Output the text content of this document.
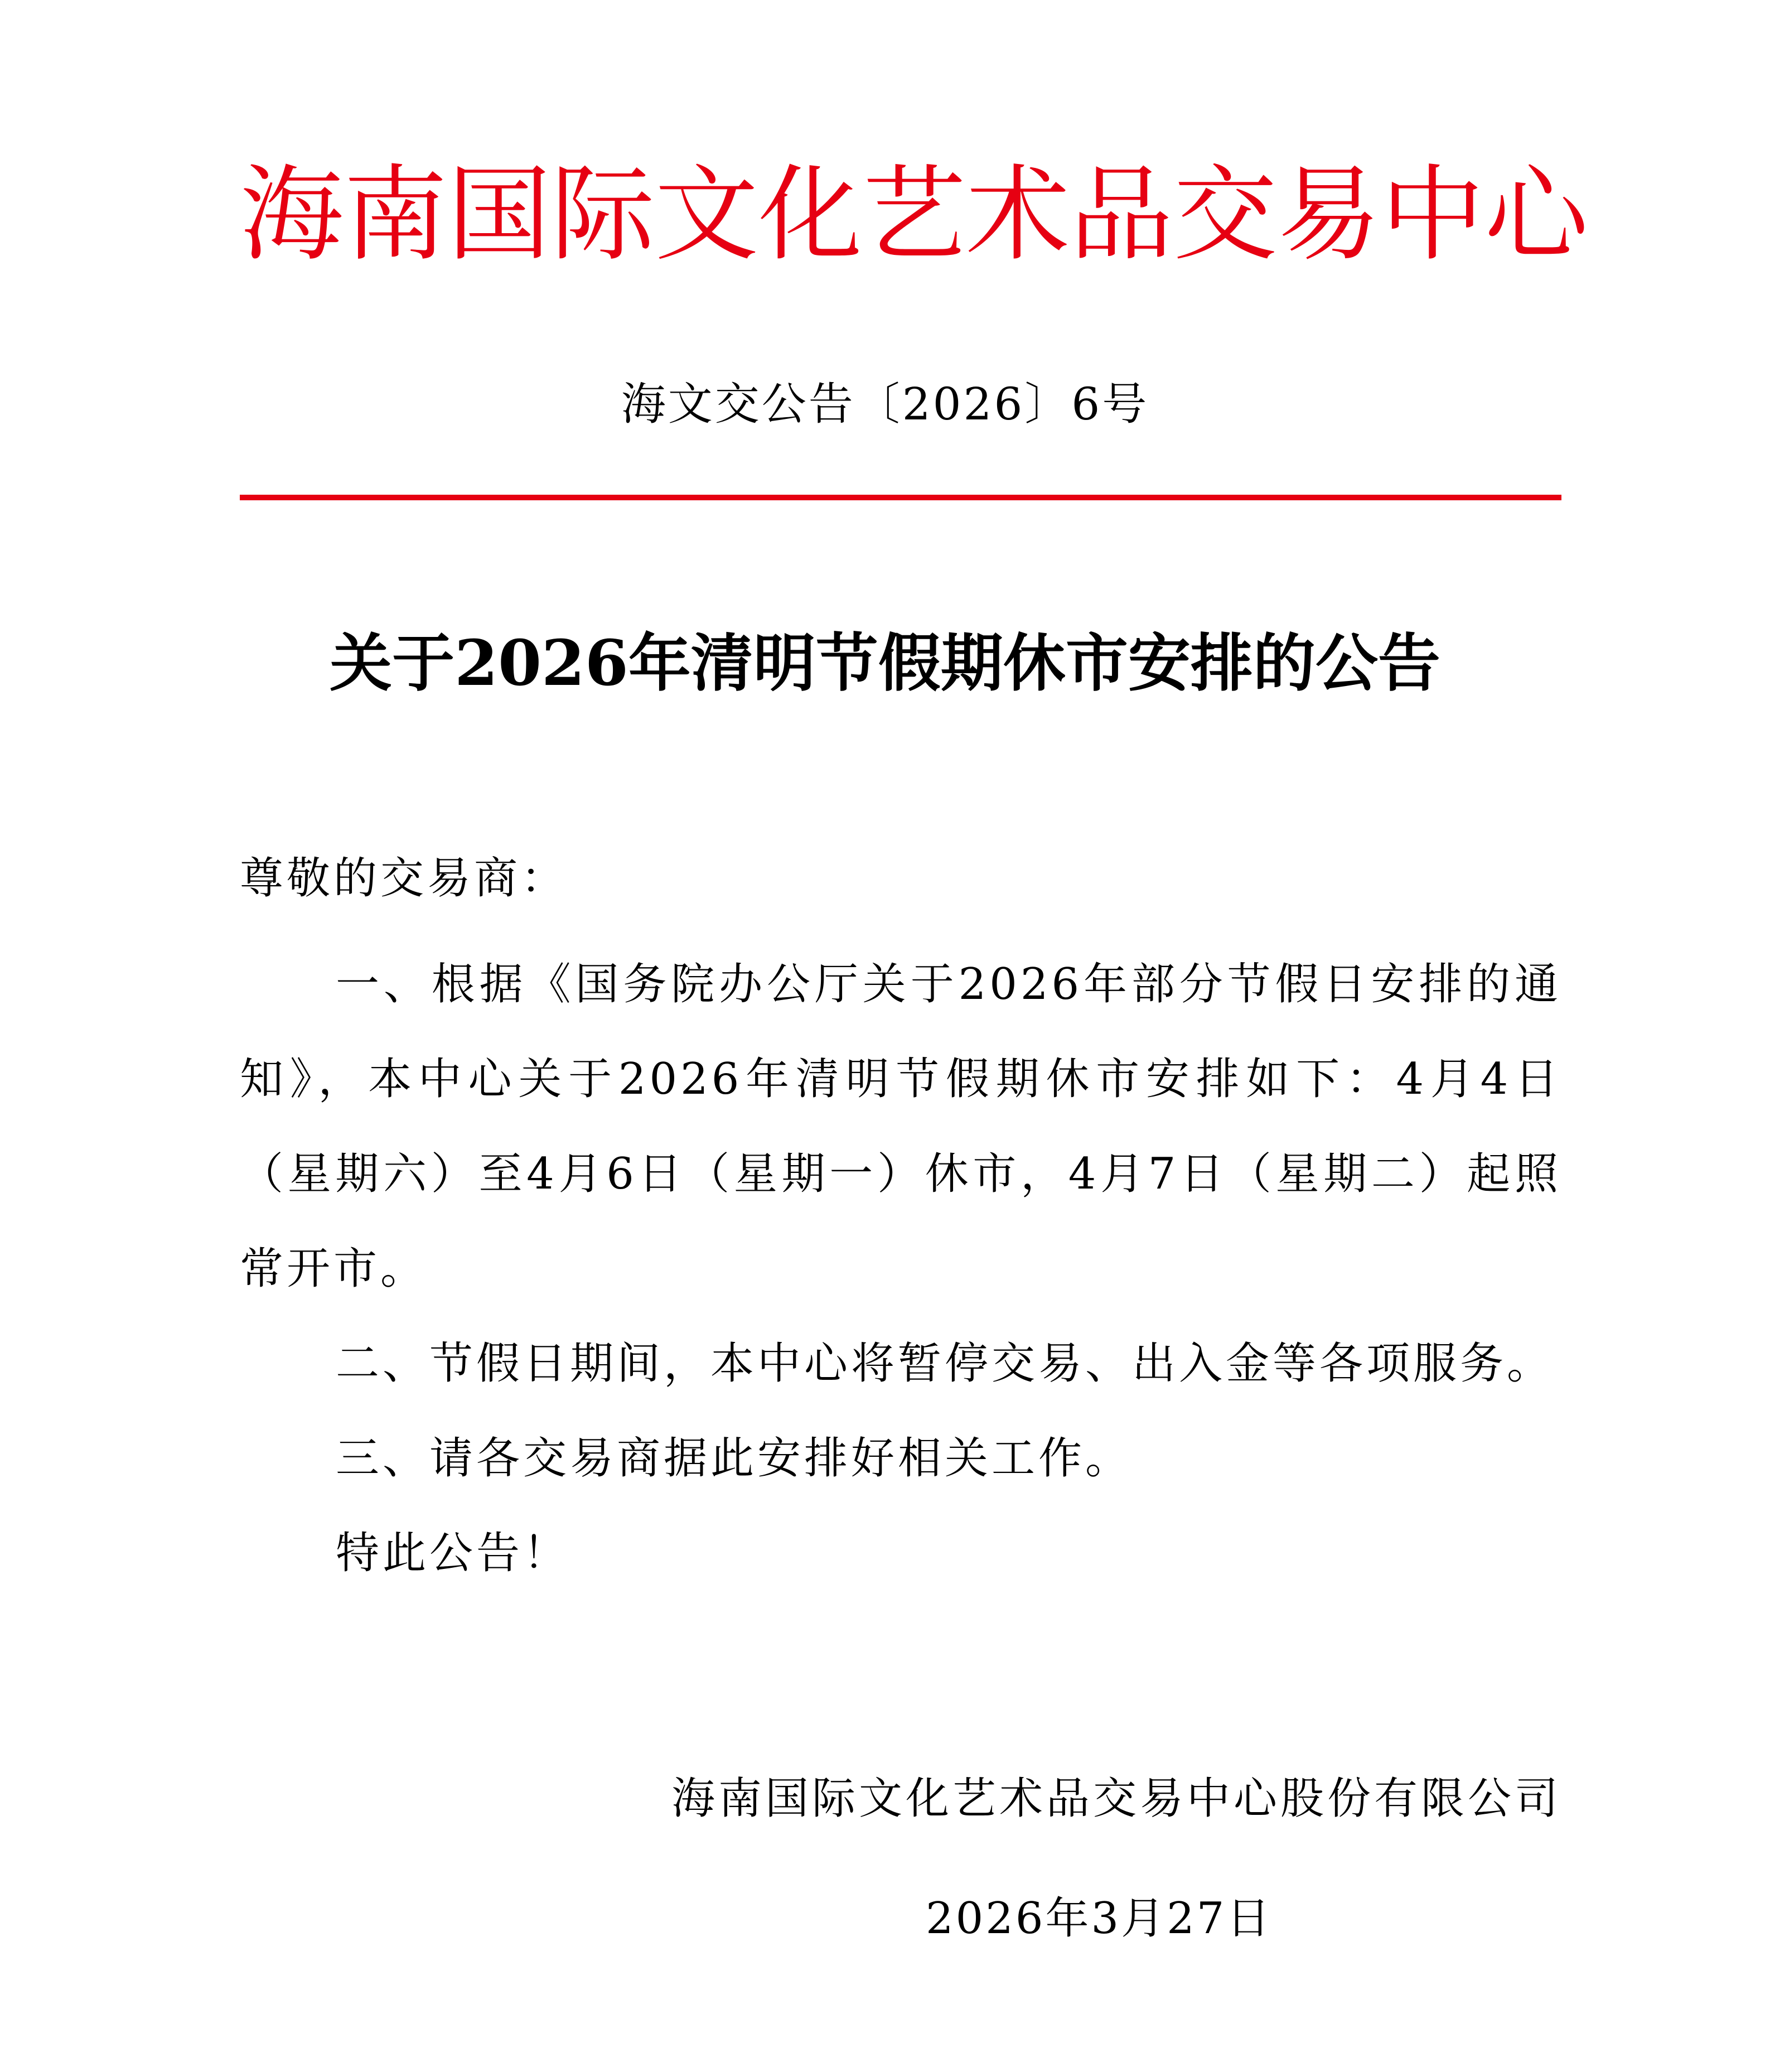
海 南 国 际 文 化 艺 术 品 交 易 中 心
海文交公告〔2026〕6号
关于2026年清明节假期休市安排的公告
尊敬的交易商：

一、根据《国务院办公厅关于2026年部分节假日安排的通知》，本中心关于2026年清明节假期休市安排如下：4月4日（星期六）至4月6日（星期一）休市，4月7日（星期二）起照常开市。

二、节假日期间，本中心将暂停交易、出入金等各项服务。

三、请各交易商据此安排好相关工作。

特此公告！

海南国际文化艺术品交易中心股份有限公司
2026年3月27日
